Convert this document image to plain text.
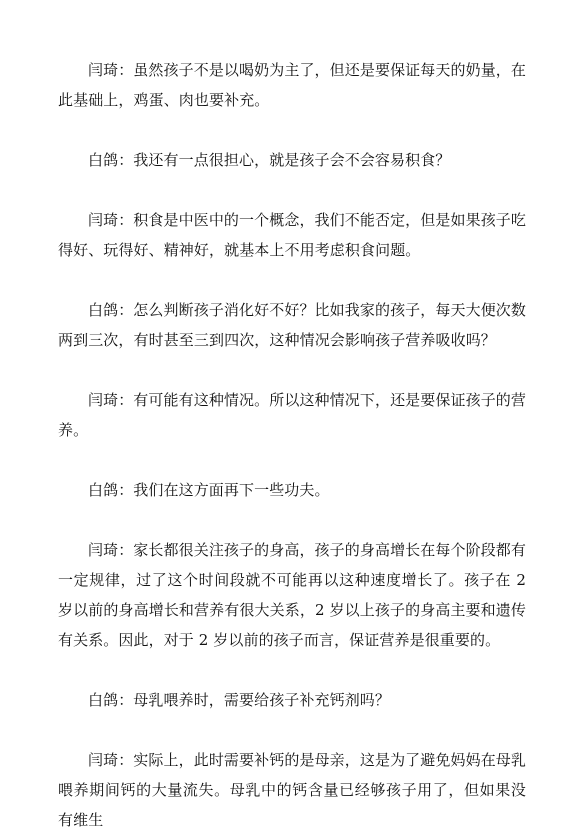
闫琦：虽然孩子不是以喝奶为主了，但还是要保证每天的奶量，在此基础上，鸡蛋、肉也要补充。

白鸽：我还有一点很担心，就是孩子会不会容易积食？

闫琦：积食是中医中的一个概念，我们不能否定，但是如果孩子吃得好、玩得好、精神好，就基本上不用考虑积食问题。

白鸽：怎么判断孩子消化好不好？比如我家的孩子，每天大便次数两到三次，有时甚至三到四次，这种情况会影响孩子营养吸收吗？

闫琦：有可能有这种情况。所以这种情况下，还是要保证孩子的营养。

白鸽：我们在这方面再下一些功夫。

闫琦：家长都很关注孩子的身高，孩子的身高增长在每个阶段都有一定规律，过了这个时间段就不可能再以这种速度增长了。孩子在 2 岁以前的身高增长和营养有很大关系，2 岁以上孩子的身高主要和遗传有关系。因此，对于 2 岁以前的孩子而言，保证营养是很重要的。

白鸽：母乳喂养时，需要给孩子补充钙剂吗？

闫琦：实际上，此时需要补钙的是母亲，这是为了避免妈妈在母乳喂养期间钙的大量流失。母乳中的钙含量已经够孩子用了，但如果没有维生
